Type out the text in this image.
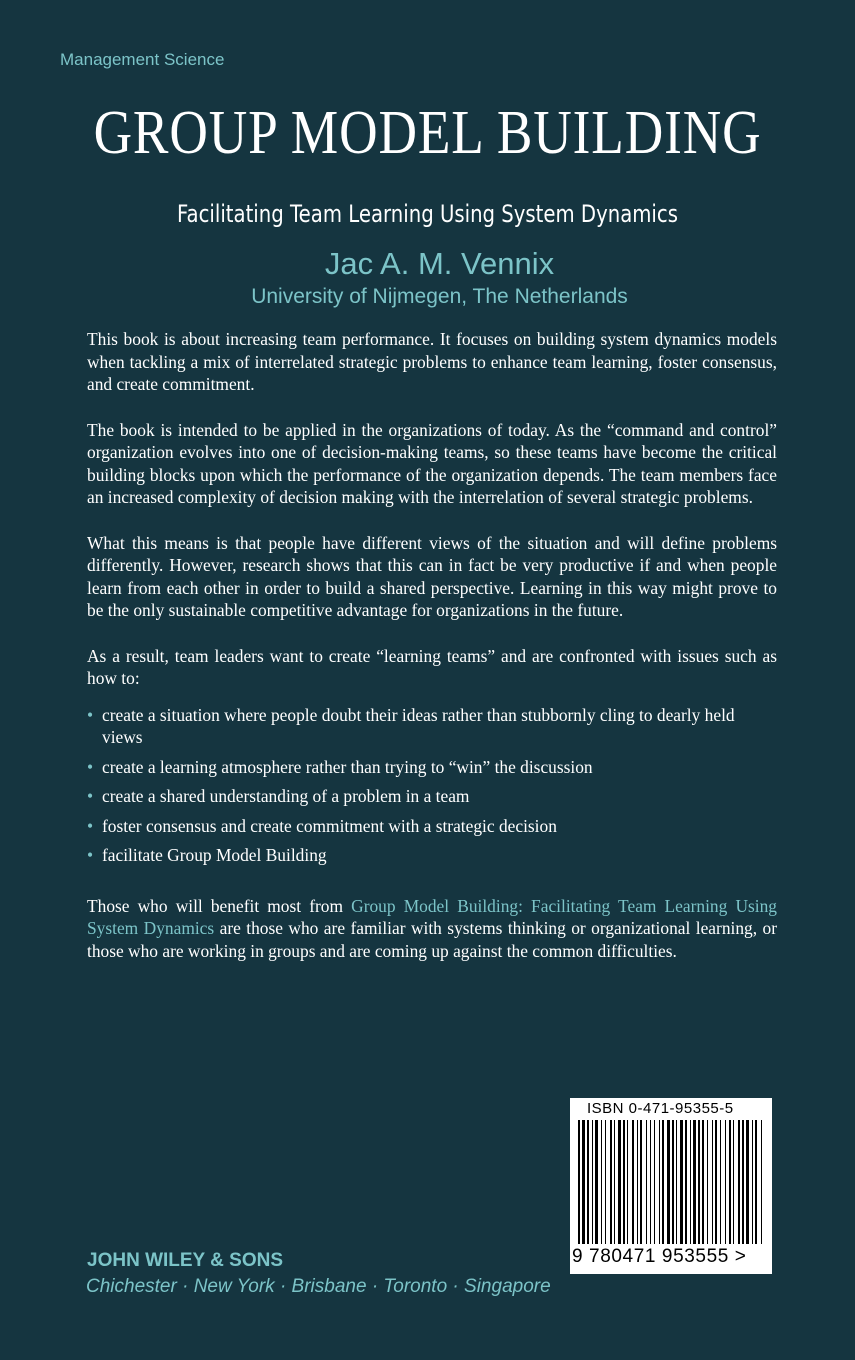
Management Science
GROUP MODEL BUILDING
Facilitating Team Learning Using System Dynamics
Jac A. M. Vennix
University of Nijmegen, The Netherlands

This book is about increasing team performance. It focuses on building system dynamics models when tackling a mix of interrelated strategic problems to enhance team learning, foster consensus, and create commitment.

The book is intended to be applied in the organizations of today. As the “command and control” organization evolves into one of decision-making teams, so these teams have become the critical building blocks upon which the performance of the organization depends. The team members face an increased complexity of decision making with the interrelation of several strategic problems.

What this means is that people have different views of the situation and will define problems differently. However, research shows that this can in fact be very productive if and when people learn from each other in order to build a shared perspective. Learning in this way might prove to be the only sustainable competitive advantage for organizations in the future.

As a result, team leaders want to create “learning teams” and are confronted with issues such as how to:

• create a situation where people doubt their ideas rather than stubbornly cling to dearly held views
• create a learning atmosphere rather than trying to “win” the discussion
• create a shared understanding of a problem in a team
• foster consensus and create commitment with a strategic decision
• facilitate Group Model Building

Those who will benefit most from Group Model Building: Facilitating Team Learning Using System Dynamics are those who are familiar with systems thinking or organizational learning, or those who are working in groups and are coming up against the common difficulties.

ISBN 0-471-95355-5
9 780471 953555 >
JOHN WILEY & SONS
Chichester · New York · Brisbane · Toronto · Singapore
